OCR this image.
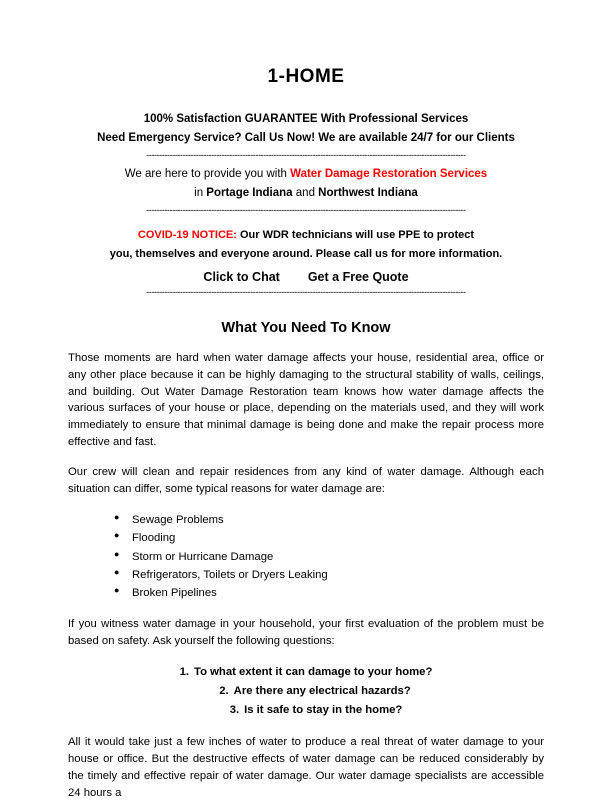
1-HOME
100% Satisfaction GUARANTEE With Professional Services
Need Emergency Service? Call Us Now! We are available 24/7 for our Clients
---------------------------------------------------------------------------------------------------------------------------
We are here to provide you with Water Damage Restoration Services
in Portage Indiana and Northwest Indiana
---------------------------------------------------------------------------------------------------------------------------
COVID-19 NOTICE: Our WDR technicians will use PPE to protect
you, themselves and everyone around. Please call us for more information.
Click to Chat Get a Free Quote
---------------------------------------------------------------------------------------------------------------------------
What You Need To Know

Those moments are hard when water damage affects your house, residential area, office or any other place because it can be highly damaging to the structural stability of walls, ceilings, and building. Out Water Damage Restoration team knows how water damage affects the various surfaces of your house or place, depending on the materials used, and they will work immediately to ensure that minimal damage is being done and make the repair process more effective and fast.

Our crew will clean and repair residences from any kind of water damage. Although each situation can differ, some typical reasons for water damage are:

● Sewage Problems
● Flooding
● Storm or Hurricane Damage
● Refrigerators, Toilets or Dryers Leaking
● Broken Pipelines

If you witness water damage in your household, your first evaluation of the problem must be based on safety. Ask yourself the following questions:

1. To what extent it can damage to your home?
2. Are there any electrical hazards?
3. Is it safe to stay in the home?

All it would take just a few inches of water to produce a real threat of water damage to your house or office. But the destructive effects of water damage can be reduced considerably by the timely and effective repair of water damage. Our water damage specialists are accessible 24 hours a
